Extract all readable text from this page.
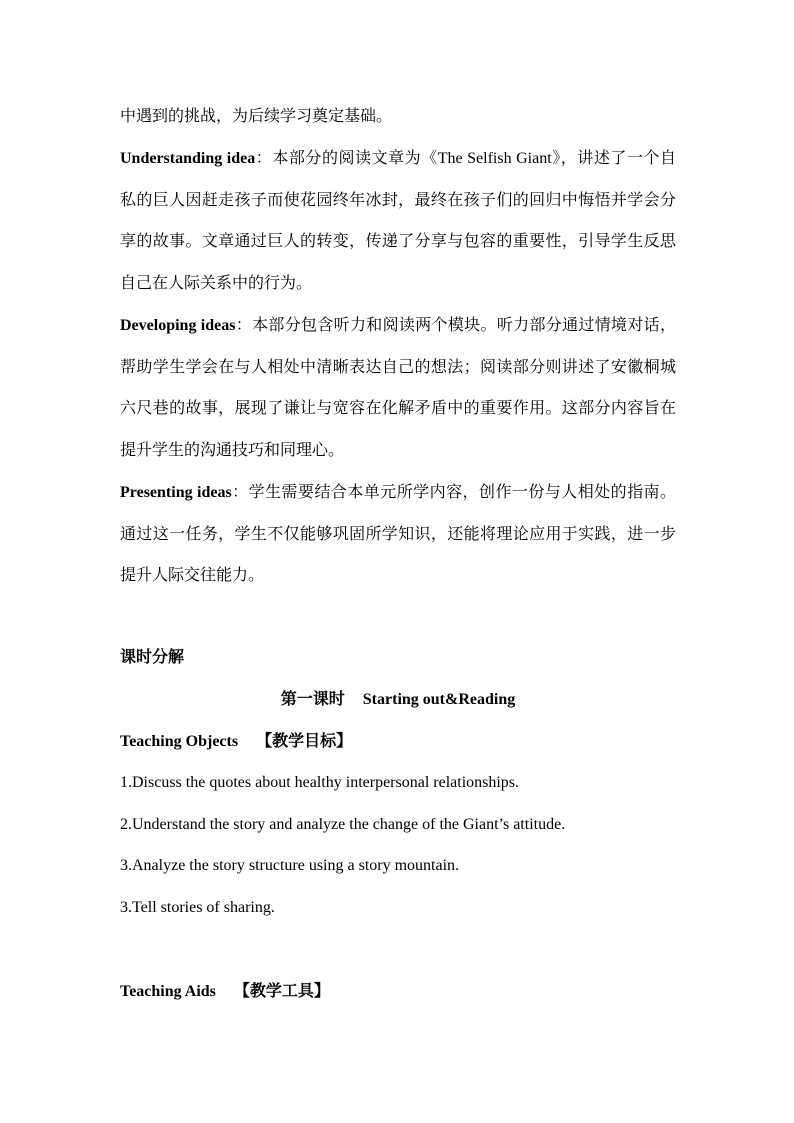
中遇到的挑战，为后续学习奠定基础。

Understanding idea：本部分的阅读文章为《The Selfish Giant》，讲述了一个自私的巨人因赶走孩子而使花园终年冰封，最终在孩子们的回归中悔悟并学会分享的故事。文章通过巨人的转变，传递了分享与包容的重要性，引导学生反思自己在人际关系中的行为。

Developing ideas：本部分包含听力和阅读两个模块。听力部分通过情境对话，帮助学生学会在与人相处中清晰表达自己的想法；阅读部分则讲述了安徽桐城六尺巷的故事，展现了谦让与宽容在化解矛盾中的重要作用。这部分内容旨在提升学生的沟通技巧和同理心。

Presenting ideas：学生需要结合本单元所学内容，创作一份与人相处的指南。通过这一任务，学生不仅能够巩固所学知识，还能将理论应用于实践，进一步提升人际交往能力。

课时分解

第一课时 Starting out&Reading

Teaching Objects 【教学目标】

1.Discuss the quotes about healthy interpersonal relationships.

2.Understand the story and analyze the change of the Giant’s attitude.

3.Analyze the story structure using a story mountain.

3.Tell stories of sharing.

Teaching Aids 【教学工具】
